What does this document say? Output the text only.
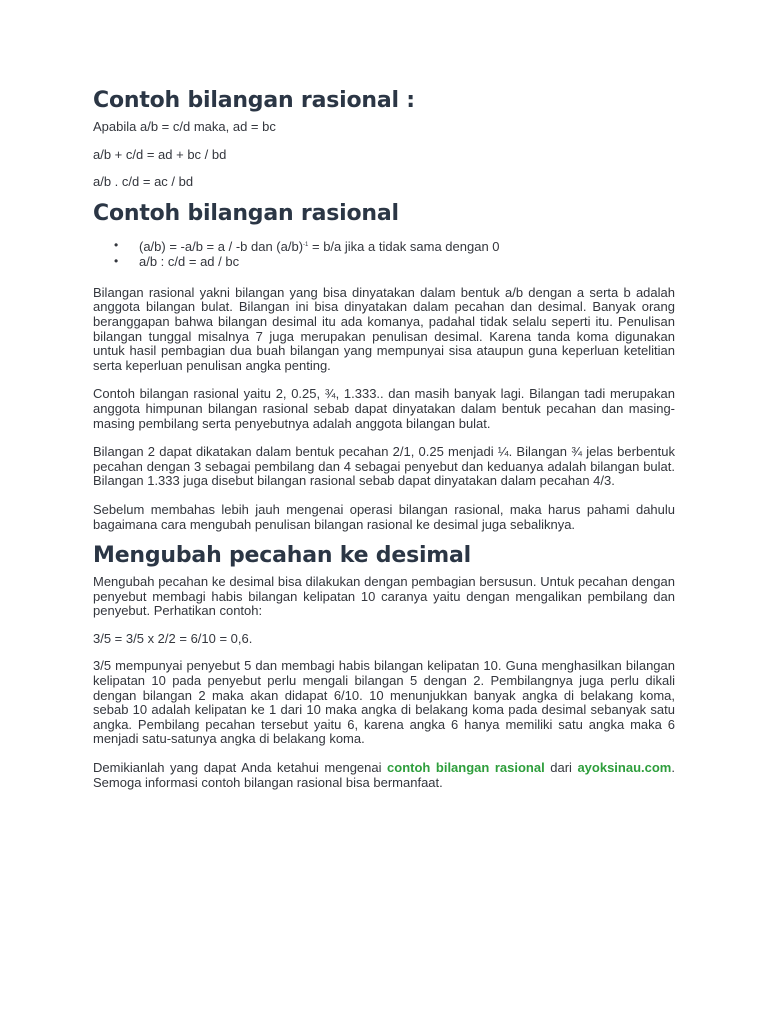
Contoh bilangan rasional :

Apabila a/b = c/d maka, ad = bc

a/b + c/d = ad + bc / bd

a/b . c/d = ac / bd

Contoh bilangan rasional
• (a/b) = -a/b = a / -b dan $(a/b)^{-1} = b/a$ jika a tidak sama dengan 0
• a/b : c/d = ad / bc

Bilangan rasional yakni bilangan yang bisa dinyatakan dalam bentuk a/b dengan a serta b adalah anggota bilangan bulat. Bilangan ini bisa dinyatakan dalam pecahan dan desimal. Banyak orang beranggapan bahwa bilangan desimal itu ada komanya, padahal tidak selalu seperti itu. Penulisan bilangan tunggal misalnya 7 juga merupakan penulisan desimal. Karena tanda koma digunakan untuk hasil pembagian dua buah bilangan yang mempunyai sisa ataupun guna keperluan ketelitian serta keperluan penulisan angka penting.

Contoh bilangan rasional yaitu 2, 0.25, ¾, 1.333.. dan masih banyak lagi. Bilangan tadi merupakan anggota himpunan bilangan rasional sebab dapat dinyatakan dalam bentuk pecahan dan masing-masing pembilang serta penyebutnya adalah anggota bilangan bulat.

Bilangan 2 dapat dikatakan dalam bentuk pecahan 2/1, 0.25 menjadi ¼. Bilangan ¾ jelas berbentuk pecahan dengan 3 sebagai pembilang dan 4 sebagai penyebut dan keduanya adalah bilangan bulat. Bilangan 1.333 juga disebut bilangan rasional sebab dapat dinyatakan dalam pecahan 4/3.

Sebelum membahas lebih jauh mengenai operasi bilangan rasional, maka harus pahami dahulu bagaimana cara mengubah penulisan bilangan rasional ke desimal juga sebaliknya.

Mengubah pecahan ke desimal

Mengubah pecahan ke desimal bisa dilakukan dengan pembagian bersusun. Untuk pecahan dengan penyebut membagi habis bilangan kelipatan 10 caranya yaitu dengan mengalikan pembilang dan penyebut. Perhatikan contoh:

3/5 = 3/5 x 2/2 = 6/10 = 0,6.

3/5 mempunyai penyebut 5 dan membagi habis bilangan kelipatan 10. Guna menghasilkan bilangan kelipatan 10 pada penyebut perlu mengali bilangan 5 dengan 2. Pembilangnya juga perlu dikali dengan bilangan 2 maka akan didapat 6/10. 10 menunjukkan banyak angka di belakang koma, sebab 10 adalah kelipatan ke 1 dari 10 maka angka di belakang koma pada desimal sebanyak satu angka. Pembilang pecahan tersebut yaitu 6, karena angka 6 hanya memiliki satu angka maka 6 menjadi satu-satunya angka di belakang koma.

Demikianlah yang dapat Anda ketahui mengenai contoh bilangan rasional dari ayoksinau.com. Semoga informasi contoh bilangan rasional bisa bermanfaat.
